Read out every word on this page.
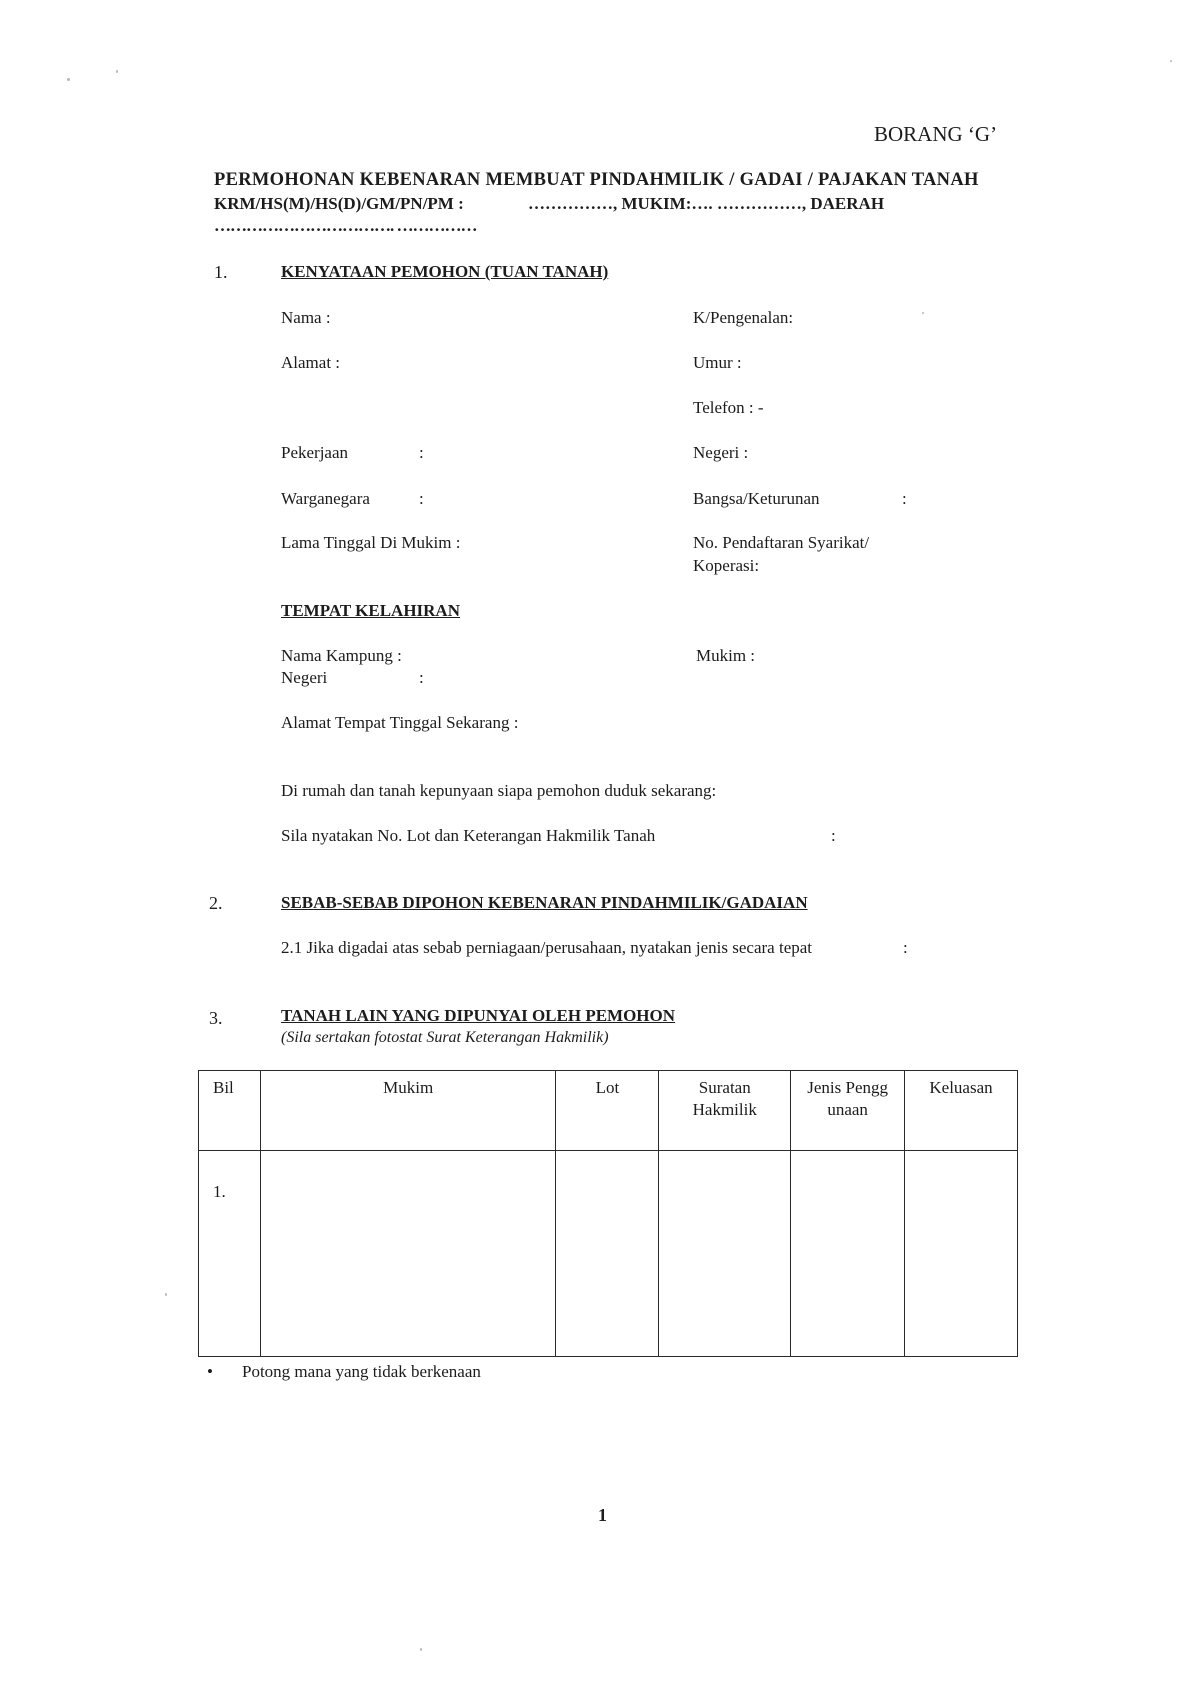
BORANG ‘G’
PERMOHONAN KEBENARAN MEMBUAT PINDAHMILIK / GADAI / PAJAKAN TANAH
KRM/HS(M)/HS(D)/GM/PN/PM :	……………, MUKIM:…. ……………, DAERAH
……………………………. ……………
1.	KENYATAAN PEMOHON (TUAN TANAH)
Nama :	K/Pengenalan:
Alamat :	Umur :
Telefon : -
Pekerjaan	:	Negeri :
Warganegara	:	Bangsa/Keturunan	:
Lama Tinggal Di Mukim :	No. Pendaftaran Syarikat/
Koperasi:
TEMPAT KELAHIRAN
Nama Kampung :	Mukim :
Negeri	:
Alamat Tempat Tinggal Sekarang :
Di rumah dan tanah kepunyaan siapa pemohon duduk sekarang:
Sila nyatakan No. Lot dan Keterangan Hakmilik Tanah	:
2.	SEBAB-SEBAB DIPOHON KEBENARAN PINDAHMILIK/GADAIAN
2.1 Jika digadai atas sebab perniagaan/perusahaan, nyatakan jenis secara tepat	:
3.	TANAH LAIN YANG DIPUNYAI OLEH PEMOHON
(Sila sertakan fotostat Surat Keterangan Hakmilik)
Bil	Mukim	Lot	Suratan Hakmilik	Jenis Penggunaan	Keluasan
1.					
• Potong mana yang tidak berkenaan
1
